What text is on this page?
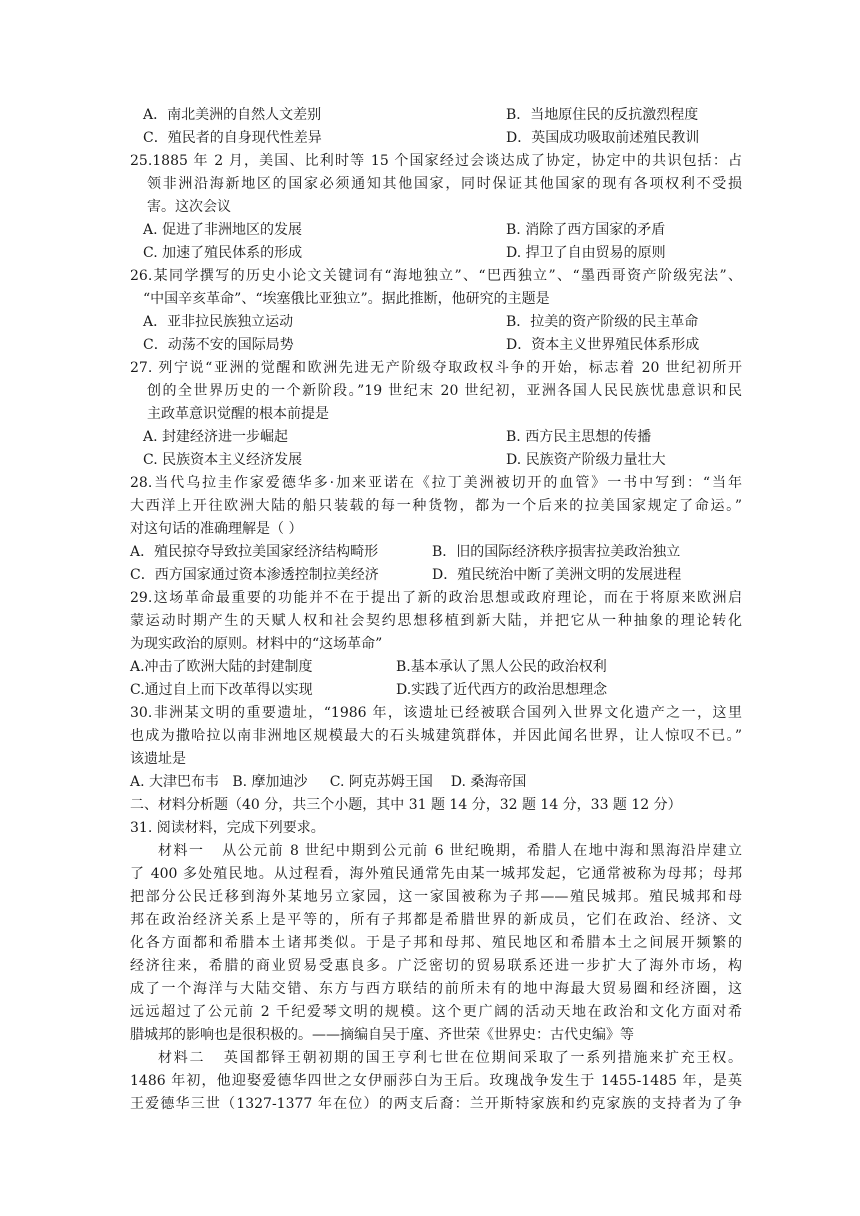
A．南北美洲的自然人文差别	B．当地原住民的反抗激烈程度
C．殖民者的自身现代性差异	D．英国成功吸取前述殖民教训
25.1885 年 2 月，美国、比利时等 15 个国家经过会谈达成了协定，协定中的共识包括：占
领非洲沿海新地区的国家必须通知其他国家，同时保证其他国家的现有各项权利不受损
害。这次会议
A. 促进了非洲地区的发展	B. 消除了西方国家的矛盾
C. 加速了殖民体系的形成	D. 捍卫了自由贸易的原则
26.某同学撰写的历史小论文关键词有“海地独立”、“巴西独立”、“墨西哥资产阶级宪法”、
“中国辛亥革命”、“埃塞俄比亚独立”。据此推断，他研究的主题是
A．亚非拉民族独立运动	B．拉美的资产阶级的民主革命
C．动荡不安的国际局势	D．资本主义世界殖民体系形成
27. 列宁说“亚洲的觉醒和欧洲先进无产阶级夺取政权斗争的开始，标志着 20 世纪初所开
创的全世界历史的一个新阶段。”19 世纪末 20 世纪初，亚洲各国人民民族忧患意识和民
主政革意识觉醒的根本前提是
A. 封建经济进一步崛起	B. 西方民主思想的传播
C. 民族资本主义经济发展	D. 民族资产阶级力量壮大
28.当代乌拉圭作家爱德华多·加来亚诺在《拉丁美洲被切开的血管》一书中写到：“当年
大西洋上开往欧洲大陆的船只装载的每一种货物，都为一个后来的拉美国家规定了命运。”
对这句话的准确理解是（ ）
A．殖民掠夺导致拉美国家经济结构畸形	B．旧的国际经济秩序损害拉美政治独立
C．西方国家通过资本渗透控制拉美经济	D．殖民统治中断了美洲文明的发展进程
29.这场革命最重要的功能并不在于提出了新的政治思想或政府理论，而在于将原来欧洲启
蒙运动时期产生的天赋人权和社会契约思想移植到新大陆，并把它从一种抽象的理论转化
为现实政治的原则。材料中的“这场革命”
A.冲击了欧洲大陆的封建制度	B.基本承认了黑人公民的政治权利
C.通过自上而下改革得以实现	D.实践了近代西方的政治思想理念
30.非洲某文明的重要遗址，“1986 年，该遗址已经被联合国列入世界文化遗产之一，这里
也成为撒哈拉以南非洲地区规模最大的石头城建筑群体，并因此闻名世界，让人惊叹不已。”
该遗址是
A. 大津巴布韦   B. 摩加迪沙     C. 阿克苏姆王国    D. 桑海帝国
二、材料分析题（40 分，共三个小题，其中 31 题 14 分，32 题 14 分，33 题 12 分）
31. 阅读材料，完成下列要求。
材料一   从公元前 8 世纪中期到公元前 6 世纪晚期，希腊人在地中海和黑海沿岸建立
了 400 多处殖民地。从过程看，海外殖民通常先由某一城邦发起，它通常被称为母邦；母邦
把部分公民迁移到海外某地另立家园，这一家国被称为子邦——殖民城邦。殖民城邦和母
邦在政治经济关系上是平等的，所有子邦都是希腊世界的新成员，它们在政治、经济、文
化各方面都和希腊本土诸邦类似。于是子邦和母邦、殖民地区和希腊本土之间展开频繁的
经济往来，希腊的商业贸易受惠良多。广泛密切的贸易联系还进一步扩大了海外市场，构
成了一个海洋与大陆交错、东方与西方联结的前所未有的地中海最大贸易圈和经济圈，这
远远超过了公元前 2 千纪爱琴文明的规模。这个更广阔的活动天地在政治和文化方面对希
腊城邦的影响也是很积极的。——摘编自吴于廑、齐世荣《世界史：古代史编》等
材料二   英国都铎王朝初期的国王亨利七世在位期间采取了一系列措施来扩充王权。
1486 年初，他迎娶爱德华四世之女伊丽莎白为王后。玫瑰战争发生于 1455-1485 年，是英
王爱德华三世（1327-1377 年在位）的两支后裔：兰开斯特家族和约克家族的支持者为了争
